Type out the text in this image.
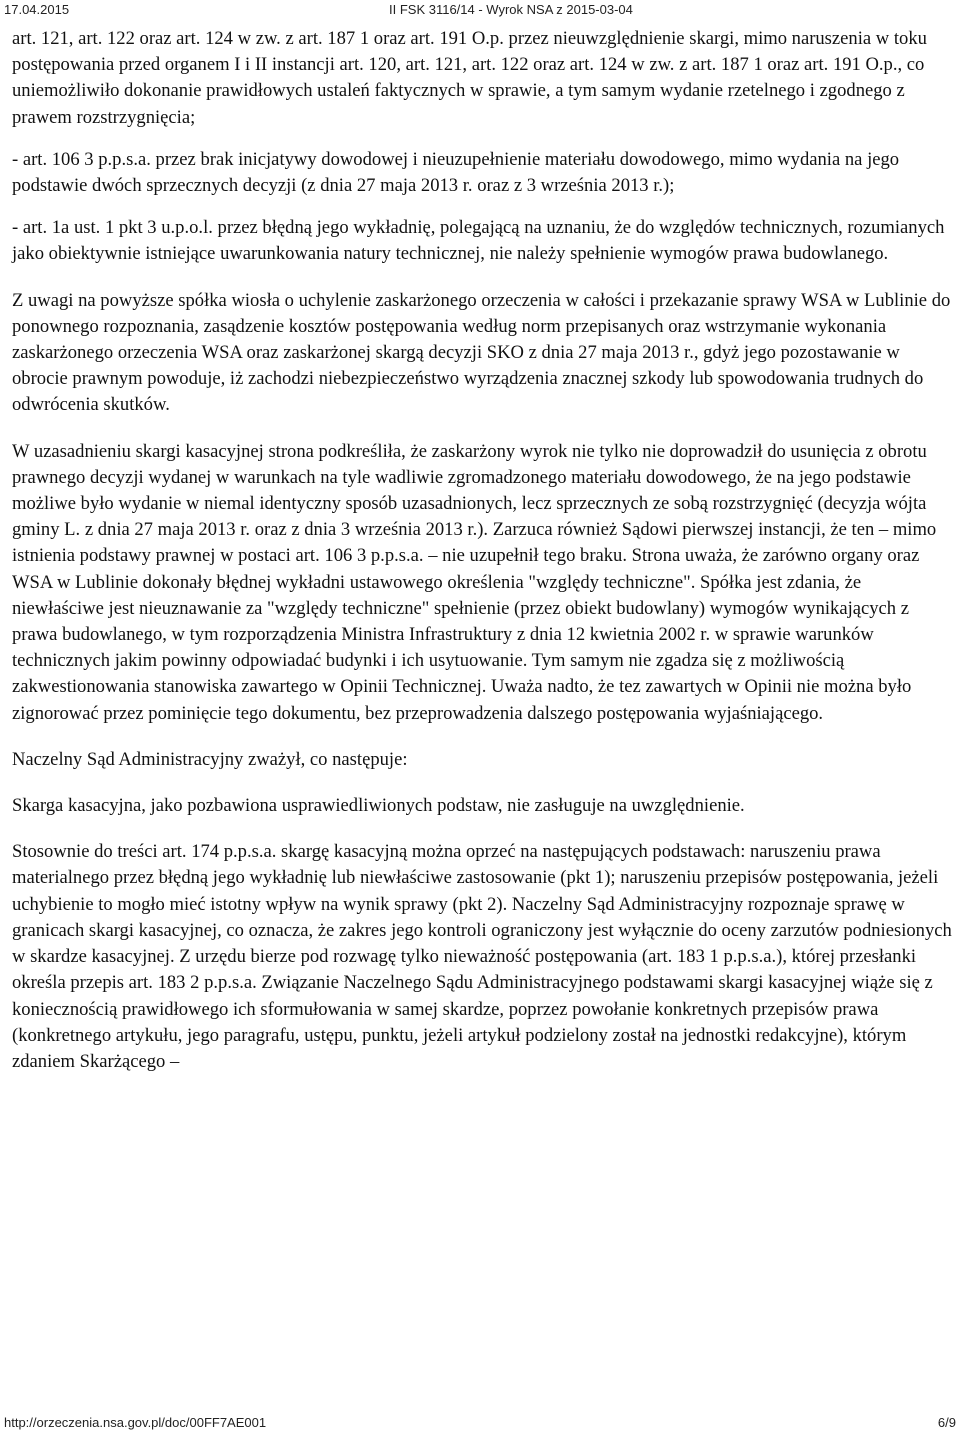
17.04.2015	II FSK 3116/14 - Wyrok NSA z 2015-03-04

art. 121, art. 122 oraz art. 124 w zw. z art. 187 1 oraz art. 191 O.p. przez nieuwzględnienie skargi, mimo naruszenia w toku postępowania przed organem I i II instancji art. 120, art. 121, art. 122 oraz art. 124 w zw. z art. 187 1 oraz art. 191 O.p., co uniemożliwiło dokonanie prawidłowych ustaleń faktycznych w sprawie, a tym samym wydanie rzetelnego i zgodnego z prawem rozstrzygnięcia;

- art. 106 3 p.p.s.a. przez brak inicjatywy dowodowej i nieuzupełnienie materiału dowodowego, mimo wydania na jego podstawie dwóch sprzecznych decyzji (z dnia 27 maja 2013 r. oraz z 3 września 2013 r.);

- art. 1a ust. 1 pkt 3 u.p.o.l. przez błędną jego wykładnię, polegającą na uznaniu, że do względów technicznych, rozumianych jako obiektywnie istniejące uwarunkowania natury technicznej, nie należy spełnienie wymogów prawa budowlanego.

Z uwagi na powyższe spółka wiosła o uchylenie zaskarżonego orzeczenia w całości i przekazanie sprawy WSA w Lublinie do ponownego rozpoznania, zasądzenie kosztów postępowania według norm przepisanych oraz wstrzymanie wykonania zaskarżonego orzeczenia WSA oraz zaskarżonej skargą decyzji SKO z dnia 27 maja 2013 r., gdyż jego pozostawanie w obrocie prawnym powoduje, iż zachodzi niebezpieczeństwo wyrządzenia znacznej szkody lub spowodowania trudnych do odwrócenia skutków.

W uzasadnieniu skargi kasacyjnej strona podkreśliła, że zaskarżony wyrok nie tylko nie doprowadził do usunięcia z obrotu prawnego decyzji wydanej w warunkach na tyle wadliwie zgromadzonego materiału dowodowego, że na jego podstawie możliwe było wydanie w niemal identyczny sposób uzasadnionych, lecz sprzecznych ze sobą rozstrzygnięć (decyzja wójta gminy L. z dnia 27 maja 2013 r. oraz z dnia 3 września 2013 r.). Zarzuca również Sądowi pierwszej instancji, że ten – mimo istnienia podstawy prawnej w postaci art. 106 3 p.p.s.a. – nie uzupełnił tego braku. Strona uważa, że zarówno organy oraz WSA w Lublinie dokonały błędnej wykładni ustawowego określenia "względy techniczne". Spółka jest zdania, że niewłaściwe jest nieuznawanie za "względy techniczne" spełnienie (przez obiekt budowlany) wymogów wynikających z prawa budowlanego, w tym rozporządzenia Ministra Infrastruktury z dnia 12 kwietnia 2002 r. w sprawie warunków technicznych jakim powinny odpowiadać budynki i ich usytuowanie. Tym samym nie zgadza się z możliwością zakwestionowania stanowiska zawartego w Opinii Technicznej. Uważa nadto, że tez zawartych w Opinii nie można było zignorować przez pominięcie tego dokumentu, bez przeprowadzenia dalszego postępowania wyjaśniającego.

Naczelny Sąd Administracyjny zważył, co następuje:

Skarga kasacyjna, jako pozbawiona usprawiedliwionych podstaw, nie zasługuje na uwzględnienie.

Stosownie do treści art. 174 p.p.s.a. skargę kasacyjną można oprzeć na następujących podstawach: naruszeniu prawa materialnego przez błędną jego wykładnię lub niewłaściwe zastosowanie (pkt 1); naruszeniu przepisów postępowania, jeżeli uchybienie to mogło mieć istotny wpływ na wynik sprawy (pkt 2). Naczelny Sąd Administracyjny rozpoznaje sprawę w granicach skargi kasacyjnej, co oznacza, że zakres jego kontroli ograniczony jest wyłącznie do oceny zarzutów podniesionych w skardze kasacyjnej. Z urzędu bierze pod rozwagę tylko nieważność postępowania (art. 183 1 p.p.s.a.), której przesłanki określa przepis art. 183 2 p.p.s.a. Związanie Naczelnego Sądu Administracyjnego podstawami skargi kasacyjnej wiąże się z koniecznością prawidłowego ich sformułowania w samej skardze, poprzez powołanie konkretnych przepisów prawa (konkretnego artykułu, jego paragrafu, ustępu, punktu, jeżeli artykuł podzielony został na jednostki redakcyjne), którym zdaniem Skarżącego –

http://orzeczenia.nsa.gov.pl/doc/00FF7AE001	6/9
